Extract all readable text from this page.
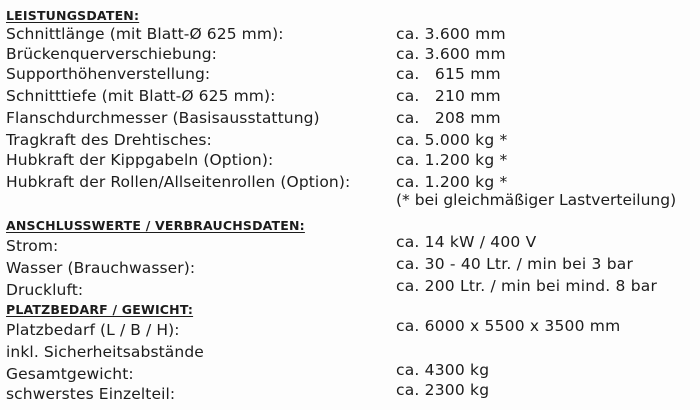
LEISTUNGSDATEN:
Schnittlänge (mit Blatt-Ø 625 mm):	ca. 3.600 mm
Brückenquerverschiebung:	ca. 3.600 mm
Supporthöhenverstellung:	ca.   615 mm
Schnitttiefe (mit Blatt-Ø 625 mm):	ca.   210 mm
Flanschdurchmesser (Basisausstattung)	ca.   208 mm
Tragkraft des Drehtisches:	ca. 5.000 kg *
Hubkraft der Kippgabeln (Option):	ca. 1.200 kg *
Hubkraft der Rollen/Allseitenrollen (Option):	ca. 1.200 kg *
(* bei gleichmäßiger Lastverteilung)
ANSCHLUSSWERTE / VERBRAUCHSDATEN:
Strom:	ca. 14 kW / 400 V
Wasser (Brauchwasser):	ca. 30 - 40 Ltr. / min bei 3 bar
Druckluft:	ca. 200 Ltr. / min bei mind. 8 bar
PLATZBEDARF / GEWICHT:
Platzbedarf (L / B / H):	ca. 6000 x 5500 x 3500 mm
inkl. Sicherheitsabstände
Gesamtgewicht:	ca. 4300 kg
schwerstes Einzelteil:	ca. 2300 kg
